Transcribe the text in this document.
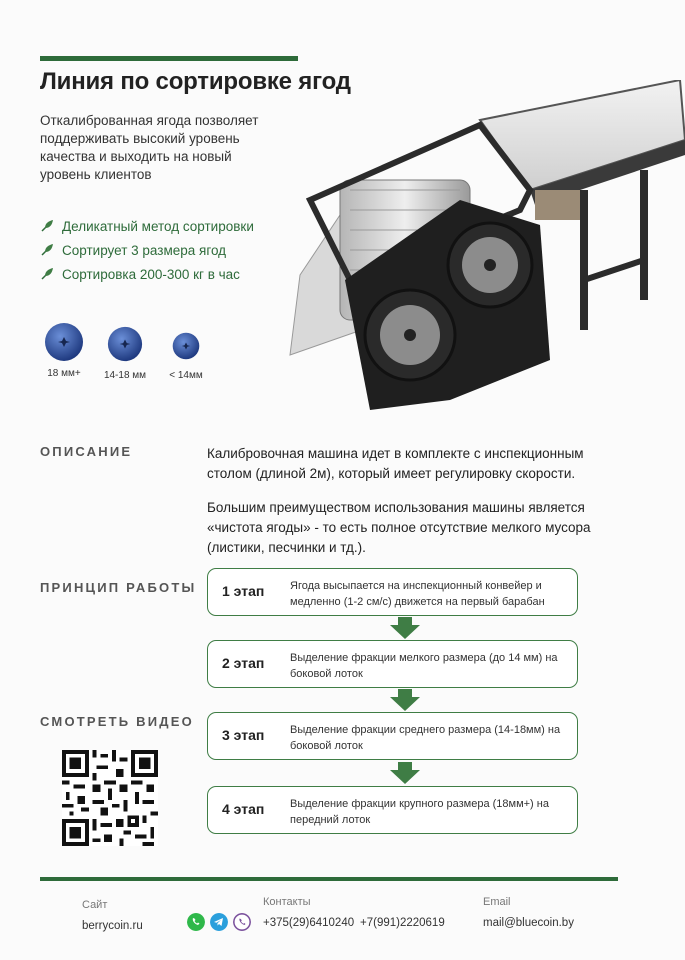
Линия по сортировке ягод
Откалиброванная ягода позволяет
поддерживать высокий уровень
качества и выходить на новый
уровень клиентов
Деликатный метод сортировки
Сортирует 3 размера ягод
Сортировка 200-300 кг в час
18 мм+	14-18 мм	< 14мм
ОПИСАНИЕ	Калибровочная машина идет в комплекте с инспекционным столом (длиной 2м), который имеет регулировку скорости.

Большим преимуществом использования машины является «чистота ягоды» - то есть полное отсутствие мелкого мусора (листики, песчинки и тд.).

ПРИНЦИП РАБОТЫ 1 этап Ягода высыпается на инспекционный конвейер и медленно (1-2 см/с) движется на первый барабан
2 этап Выделение фракции мелкого размера (до 14 мм) на боковой лоток
СМОТРЕТЬ ВИДЕО
3 этап Выделение фракции среднего размера (14-18мм) на боковой лоток
4 этап Выделение фракции крупного размера (18мм+) на передний лоток
Сайт
berrycoin.ru
Контакты
+375(29)6410240 +7(991)2220619
Email
mail@bluecoin.by
